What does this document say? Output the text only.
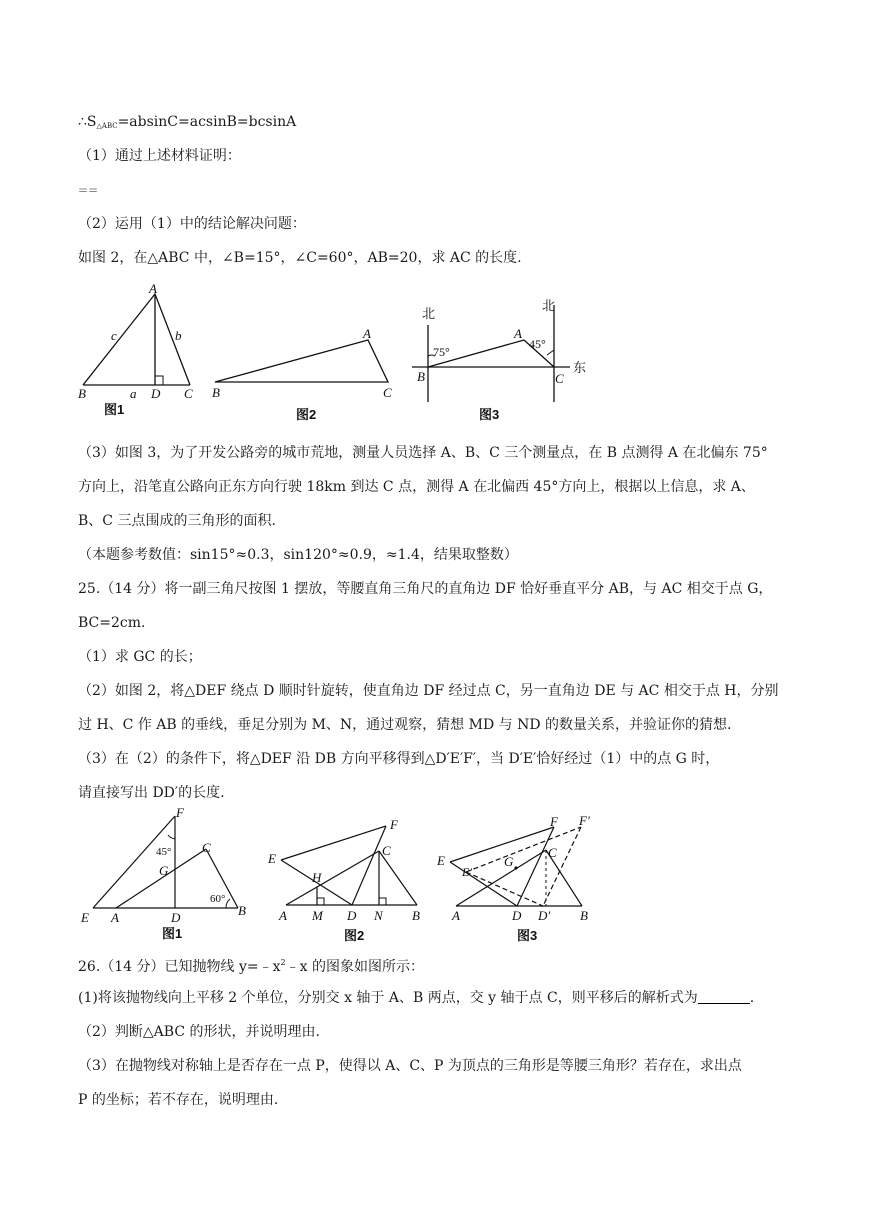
$\therefore S_{\triangle ABC}=absinC=acsinB=bcsinA$
（1）通过上述材料证明：
==
（2）运用（1）中的结论解决问题：
如图 2，在△ABC 中，∠B=15°，∠C=60°，AB=20，求 AC 的长度.
A
B	C
D
a
b
c
图1
A
B	C
图2
北
北
东
A
B	C
75°
45°
图3
（3）如图 3，为了开发公路旁的城市荒地，测量人员选择 A、B、C 三个测量点，在 B 点测得 A 在北偏东 75°
方向上，沿笔直公路向正东方向行驶 18km 到达 C 点，测得 A 在北偏西 45°方向上，根据以上信息，求 A、
B、C 三点围成的三角形的面积.
（本题参考数值：sin15°≈0.3，sin120°≈0.9，≈1.4，结果取整数）
25.（14 分）将一副三角尺按图 1 摆放，等腰直角三角尺的直角边 DF 恰好垂直平分 AB，与 AC 相交于点 G，
BC=2cm.
（1）求 GC 的长；
（2）如图 2，将△DEF 绕点 D 顺时针旋转，使直角边 DF 经过点 C，另一直角边 DE 与 AC 相交于点 H，分别
过 H、C 作 AB 的垂线，垂足分别为 M、N，通过观察，猜想 MD 与 ND 的数量关系，并验证你的猜想.
（3）在（2）的条件下，将△DEF 沿 DB 方向平移得到△D′E′F′，当 D′E′恰好经过（1）中的点 G 时，
请直接写出 DD′的长度.
F
C
G
E A	D	B
45°
60°
图1
F
C
E
H
A M D N B
图2
F F′
C
G
E
E′
A	D D′ B
图3
26.（14 分）已知抛物线 $y=﹣x^2﹣x$ 的图象如图所示：
(1)将该抛物线向上平移 2 个单位，分别交 x 轴于 A、B 两点，交 y 轴于点 C，则平移后的解析式为	.
（2）判断△ABC 的形状，并说明理由.
（3）在抛物线对称轴上是否存在一点 P，使得以 A、C、P 为顶点的三角形是等腰三角形？若存在，求出点
P 的坐标；若不存在，说明理由.
